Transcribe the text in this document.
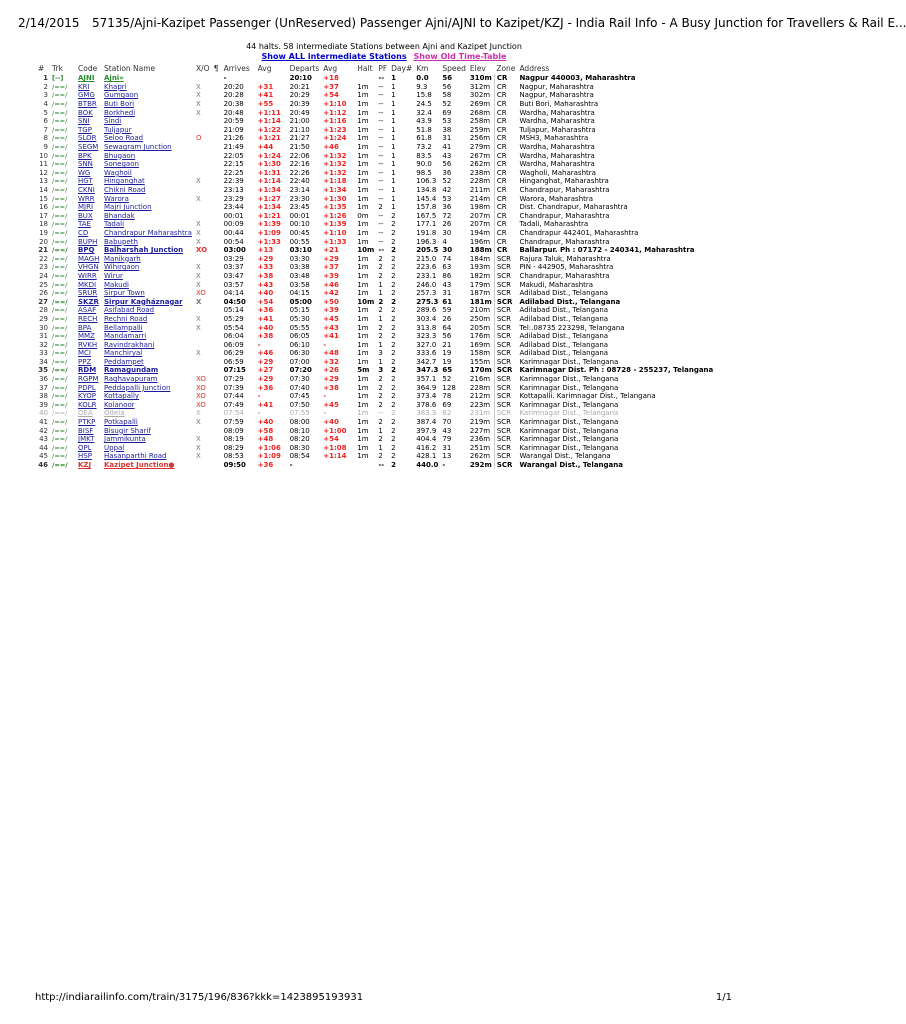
2/14/2015 57135/Ajni-Kazipet Passenger (UnReserved) Passenger Ajni/AJNI to Kazipet/KZJ - India Rail Info - A Busy Junction for Travellers & Rail E...
44 halts. 58 intermediate Stations between Ajni and Kazipet Junction
Show ALL intermediate Stations Show Old Time-Table
#	Trk	Code	Station Name	X/O	¶	Arrives	Avg	Departs	Avg	Halt	PF	Day#	Km	Speed	Elev	Zone	Address
1	[--]	AJNI	Ajni»			-		20:10	+18		--	1	0.0	56	310m	CR	Nagpur 440003, Maharashtra
2	/==/	KRI	Khapri	X		20:20	+31	20:21	+37	1m	--	1	9.3	56	312m	CR	Nagpur, Maharashtra
3	/==/	GMG	Gumgaon	X		20:28	+41	20:29	+54	1m	--	1	15.8	58	302m	CR	Nagpur, Maharashtra
4	/==/	BTBR	Buti Bori	X		20:38	+55	20:39	+1:10	1m	--	1	24.5	52	269m	CR	Buti Bori, Maharashtra
5	/==/	BOK	Borkhedi	X		20:48	+1:11	20:49	+1:12	1m	--	1	32.4	69	268m	CR	Wardha, Maharashtra
6	/==/	SNI	Sindi			20:59	+1:14	21:00	+1:16	1m	--	1	43.9	53	258m	CR	Wardha, Maharashtra
7	/==/	TGP	Tuljapur			21:09	+1:22	21:10	+1:23	1m	--	1	51.8	38	259m	CR	Tuljapur, Maharashtra
8	/==/	SLOR	Seloo Road	O		21:26	+1:21	21:27	+1:24	1m	--	1	61.8	31	256m	CR	MSH3, Maharashtra
9	/==/	SEGM	Sewagram Junction			21:49	+44	21:50	+46	1m	--	1	73.2	41	279m	CR	Wardha, Maharashtra
10	/==/	BPK	Bhugaon			22:05	+1:24	22:06	+1:32	1m	--	1	83.5	43	267m	CR	Wardha, Maharashtra
11	/==/	SNN	Sonegaon			22:15	+1:30	22:16	+1:32	1m	--	1	90.0	56	262m	CR	Wardha, Maharashtra
12	/==/	WG	Waghoil			22:25	+1:31	22:26	+1:32	1m	--	1	98.5	36	238m	CR	Wagholi, Maharashtra
13	/==/	HGT	Hinganghat	X		22:39	+1:14	22:40	+1:18	1m	--	1	106.3	52	228m	CR	Hinganghat, Maharashtra
14	/==/	CKNI	Chikni Road			23:13	+1:34	23:14	+1:34	1m	--	1	134.8	42	211m	CR	Chandrapur, Maharashtra
15	/==/	WRR	Warora	X		23:29	+1:27	23:30	+1:30	1m	--	1	145.4	53	214m	CR	Warora, Maharashtra
16	/==/	MJRI	Majri Junction			23:44	+1:34	23:45	+1:35	1m	2	1	157.8	36	198m	CR	Dist. Chandrapur, Maharashtra
17	/==/	BUX	Bhandak			00:01	+1:21	00:01	+1:26	0m	--	2	167.5	72	207m	CR	Chandrapur, Maharashtra
18	/==/	TAE	Tadali	X		00:09	+1:39	00:10	+1:39	1m	--	2	177.1	26	207m	CR	Tadali, Maharashtra
19	/==/	CD	Chandrapur Maharashtra	X		00:44	+1:09	00:45	+1:10	1m	--	2	191.8	30	194m	CR	Chandrapur 442401, Maharashtra
20	/==/	BUPH	Babupeth	X		00:54	+1:33	00:55	+1:33	1m	--	2	196.3	4	196m	CR	Chandrapur, Maharashtra
21	/==/	BPQ	Balharshah Junction	XO		03:00	+13	03:10	+21	10m	--	2	205.5	30	188m	CR	Ballarpur. Ph : 07172 - 240341, Maharashtra
22	/==/	MAGH	Manikgarh			03:29	+29	03:30	+29	1m	2	2	215.0	74	184m	SCR	Rajura Taluk, Maharashtra
23	/==/	VHGN	Wihirgaon	X		03:37	+33	03:38	+37	1m	2	2	223.6	63	193m	SCR	PIN - 442905, Maharashtra
24	/==/	WIRR	Wirur	X		03:47	+38	03:48	+39	1m	2	2	233.1	86	182m	SCR	Chandrapur, Maharashtra
25	/==/	MKDI	Makudi	X		03:57	+43	03:58	+46	1m	1	2	246.0	43	179m	SCR	Makudi, Maharashtra
26	/==/	SRUR	Sirpur Town	XO		04:14	+40	04:15	+42	1m	1	2	257.3	31	187m	SCR	Adilabad Dist., Telangana
27	/==/	SKZR	Sirpur Kagháznagar	X		04:50	+54	05:00	+50	10m	2	2	275.3	61	181m	SCR	Adilabad Dist., Telangana
28	/==/	ASAF	Asifabad Road			05:14	+36	05:15	+39	1m	2	2	289.6	59	210m	SCR	Adilabad Dist., Telangana
29	/==/	RECH	Rechni Road	X		05:29	+41	05:30	+45	1m	1	2	303.4	26	250m	SCR	Adilabad Dist., Telangana
30	/==/	BPA	Bellampalli	X		05:54	+40	05:55	+43	1m	2	2	313.8	64	205m	SCR	Tel:.08735 223298, Telangana
31	/==/	MMZ	Mandamarri			06:04	+38	06:05	+41	1m	2	2	323.3	56	176m	SCR	Adilabad Dist., Telangana
32	/==/	RVKH	Ravindrakhani			06:09	-	06:10	-	1m	1	2	327.0	21	169m	SCR	Adilabad Dist., Telangana
33	/==/	MCI	Manchiryal	X		06:29	+46	06:30	+48	1m	3	2	333.6	19	158m	SCR	Adilabad Dist., Telangana
34	/==/	PPZ	Peddampet			06:59	+29	07:00	+32	1m	1	2	342.7	19	155m	SCR	Karimnagar Dist., Telangana
35	/==/	RDM	Ramagundam			07:15	+27	07:20	+26	5m	3	2	347.3	65	170m	SCR	Karimnagar Dist. Ph : 08728 - 255237, Telangana
36	/==/	RGPM	Raghavapuram	XO		07:29	+29	07:30	+29	1m	2	2	357.1	52	216m	SCR	Karimnagar Dist., Telangana
37	/==/	PDPL	Peddapalli Junction	XO		07:39	+36	07:40	+38	1m	2	2	364.9	128	228m	SCR	Karimnagar Dist., Telangana
38	/==/	KYOP	Kottapally	XO		07:44	-	07:45	-	1m	2	2	373.4	78	212m	SCR	Kottapalli. Karimnagar Dist., Telangana
39	/==/	KOLR	Kolanoor	XO		07:49	+41	07:50	+45	1m	2	2	378.6	69	223m	SCR	Karimnagar Dist., Telangana
40	/==/	OEA	Odela	X		07:54	-	07:55	-	1m	--	2	383.3	62	231m	SCR	Karimnagar Dist., Telangana
41	/==/	PTKP	Potkapalli	X		07:59	+40	08:00	+40	1m	2	2	387.4	70	219m	SCR	Karimnagar Dist., Telangana
42	/==/	BISF	Bisugir Sharif			08:09	+58	08:10	+1:00	1m	1	2	397.9	43	227m	SCR	Karimnagar Dist., Telangana
43	/==/	JMKT	Jammikunta	X		08:19	+48	08:20	+54	1m	2	2	404.4	79	236m	SCR	Karimnagar Dist., Telangana
44	/==/	OPL	Uppal	X		08:29	+1:06	08:30	+1:08	1m	1	2	416.2	31	251m	SCR	Karimnagar Dist., Telangana
45	/==/	HSP	Hasanparthi Road	X		08:53	+1:09	08:54	+1:14	1m	2	2	428.1	13	262m	SCR	Warangal Dist., Telangana
46	/==/	KZJ	Kazipet Junction●			09:50	+36	-			--	2	440.0	-	292m	SCR	Warangal Dist., Telangana
http://indiarailinfo.com/train/3175/196/836?kkk=1423895193931	1/1
